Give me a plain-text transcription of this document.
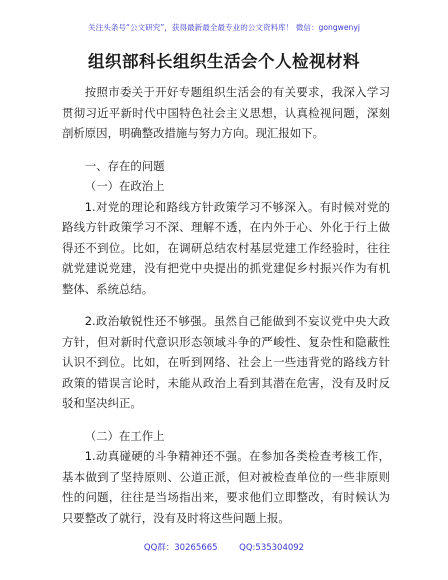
关注头条号“公文研究”，获得最新最全最专业的公文资料库！ 微信：gongwenyj
组织部科长组织生活会个人检视材料

按照市委关于开好专题组织生活会的有关要求，我深入学习贯彻习近平新时代中国特色社会主义思想，认真检视问题，深刻剖析原因，明确整改措施与努力方向。现汇报如下。

一、存在的问题

（一）在政治上

1.对党的理论和路线方针政策学习不够深入。有时候对党的路线方针政策学习不深、理解不透，在内外于心、外化于行上做得还不到位。比如，在调研总结农村基层党建工作经验时，往往就党建说党建，没有把党中央提出的抓党建促乡村振兴作为有机整体、系统总结。

2.政治敏锐性还不够强。虽然自己能做到不妄议党中央大政方针，但对新时代意识形态领域斗争的严峻性、复杂性和隐蔽性认识不到位。比如，在听到网络、社会上一些违背党的路线方针政策的错误言论时，未能从政治上看到其潜在危害，没有及时反驳和坚决纠正。

（二）在工作上

1.动真碰硬的斗争精神还不强。在参加各类检查考核工作，基本做到了坚持原则、公道正派，但对被检查单位的一些非原则性的问题，往往是当场指出来，要求他们立即整改，有时候认为只要整改了就行，没有及时将这些问题上报。

QQ群：30265665	QQ:535304092
